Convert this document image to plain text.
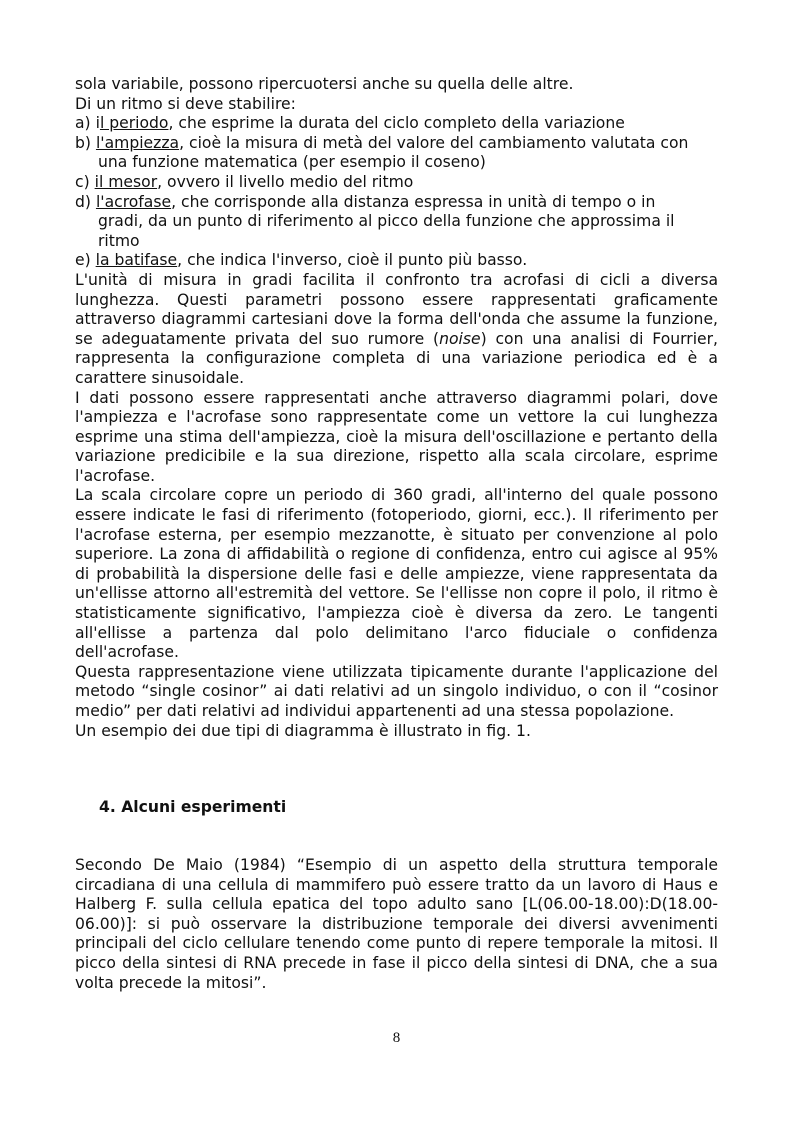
sola variabile, possono ripercuotersi anche su quella delle altre.
Di un ritmo si deve stabilire:
a) il periodo, che esprime la durata del ciclo completo della variazione
b) l'ampiezza, cioè la misura di metà del valore del cambiamento valutata con
una funzione matematica (per esempio il coseno)
c) il mesor, ovvero il livello medio del ritmo
d) l'acrofase, che corrisponde alla distanza espressa in unità di tempo o in
gradi, da un punto di riferimento al picco della funzione che approssima il
ritmo
e) la batifase, che indica l'inverso, cioè il punto più basso.

L'unità di misura in gradi facilita il confronto tra acrofasi di cicli a diversa lunghezza. Questi parametri possono essere rappresentati graficamente attraverso diagrammi cartesiani dove la forma dell'onda che assume la funzione, se adeguatamente privata del suo rumore (noise) con una analisi di Fourrier, rappresenta la configurazione completa di una variazione periodica ed è a carattere sinusoidale.

I dati possono essere rappresentati anche attraverso diagrammi polari, dove l'ampiezza e l'acrofase sono rappresentate come un vettore la cui lunghezza esprime una stima dell'ampiezza, cioè la misura dell'oscillazione e pertanto della variazione predicibile e la sua direzione, rispetto alla scala circolare, esprime l'acrofase.

La scala circolare copre un periodo di 360 gradi, all'interno del quale possono essere indicate le fasi di riferimento (fotoperiodo, giorni, ecc.). Il riferimento per l'acrofase esterna, per esempio mezzanotte, è situato per convenzione al polo superiore. La zona di affidabilità o regione di confidenza, entro cui agisce al 95% di probabilità la dispersione delle fasi e delle ampiezze, viene rappresentata da un'ellisse attorno all'estremità del vettore. Se l'ellisse non copre il polo, il ritmo è statisticamente significativo, l'ampiezza cioè è diversa da zero. Le tangenti all'ellisse a partenza dal polo delimitano l'arco fiduciale o confidenza dell'acrofase.

Questa rappresentazione viene utilizzata tipicamente durante l'applicazione del metodo “single cosinor” ai dati relativi ad un singolo individuo, o con il “cosinor medio” per dati relativi ad individui appartenenti ad una stessa popolazione.

Un esempio dei due tipi di diagramma è illustrato in fig. 1.

4. Alcuni esperimenti
Secondo De Maio (1984) “Esempio di un aspetto della struttura temporale circadiana di una cellula di mammifero può essere tratto da un lavoro di Haus e Halberg F. sulla cellula epatica del topo adulto sano [L(06.00-18.00):D(18.00-06.00)]: si può osservare la distribuzione temporale dei diversi avvenimenti principali del ciclo cellulare tenendo come punto di repere temporale la mitosi. Il picco della sintesi di RNA precede in fase il picco della sintesi di DNA, che a sua volta precede la mitosi”.
8
